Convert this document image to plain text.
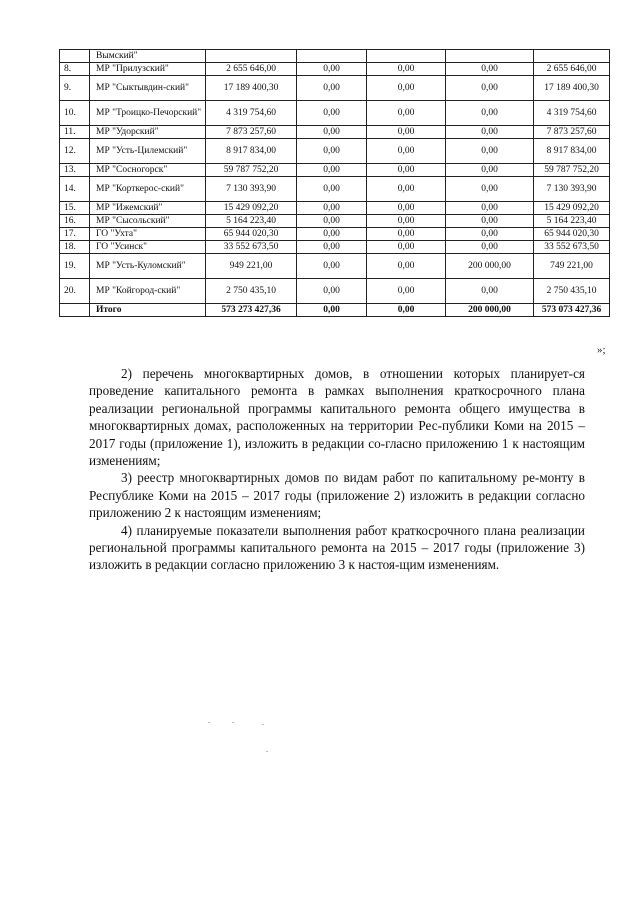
	Вымский"					
8.	МР "Прилузский"	2 655 646,00	0,00	0,00	0,00	2 655 646,00
9.	МР "Сыктывдин-ский"	17 189 400,30	0,00	0,00	0,00	17 189 400,30
10.	МР "Троицко-Печорский"	4 319 754,60	0,00	0,00	0,00	4 319 754,60
11.	МР "Удорский"	7 873 257,60	0,00	0,00	0,00	7 873 257,60
12.	МР "Усть-Цилемский"	8 917 834,00	0,00	0,00	0,00	8 917 834,00
13.	МР "Сосногорск"	59 787 752,20	0,00	0,00	0,00	59 787 752,20
14.	МР "Корткерос-ский"	7 130 393,90	0,00	0,00	0,00	7 130 393,90
15.	МР "Ижемский"	15 429 092,20	0,00	0,00	0,00	15 429 092,20
16.	МР "Сысольский"	5 164 223,40	0,00	0,00	0,00	5 164 223,40
17.	ГО "Ухта"	65 944 020,30	0,00	0,00	0,00	65 944 020,30
18.	ГО "Усинск"	33 552 673,50	0,00	0,00	0,00	33 552 673,50
19.	МР "Усть-Куломский"	949 221,00	0,00	0,00	200 000,00	749 221,00
20.	МР "Койгород-ский"	2 750 435,10	0,00	0,00	0,00	2 750 435,10
	Итого	573 273 427,36	0,00	0,00	200 000,00	573 073 427,36
»;

2) перечень многоквартирных домов, в отношении которых планирует-ся проведение капитального ремонта в рамках выполнения краткосрочного плана реализации региональной программы капитального ремонта общего имущества в многоквартирных домах, расположенных на территории Рес-публики Коми на 2015 – 2017 годы (приложение 1), изложить в редакции со-гласно приложению 1 к настоящим изменениям;

3) реестр многоквартирных домов по видам работ по капитальному ре-монту в Республике Коми на 2015 – 2017 годы (приложение 2) изложить в редакции согласно приложению 2 к настоящим изменениям;

4) планируемые показатели выполнения работ краткосрочного плана реализации региональной программы капитального ремонта на 2015 – 2017 годы (приложение 3) изложить в редакции согласно приложению 3 к настоя-щим изменениям.
